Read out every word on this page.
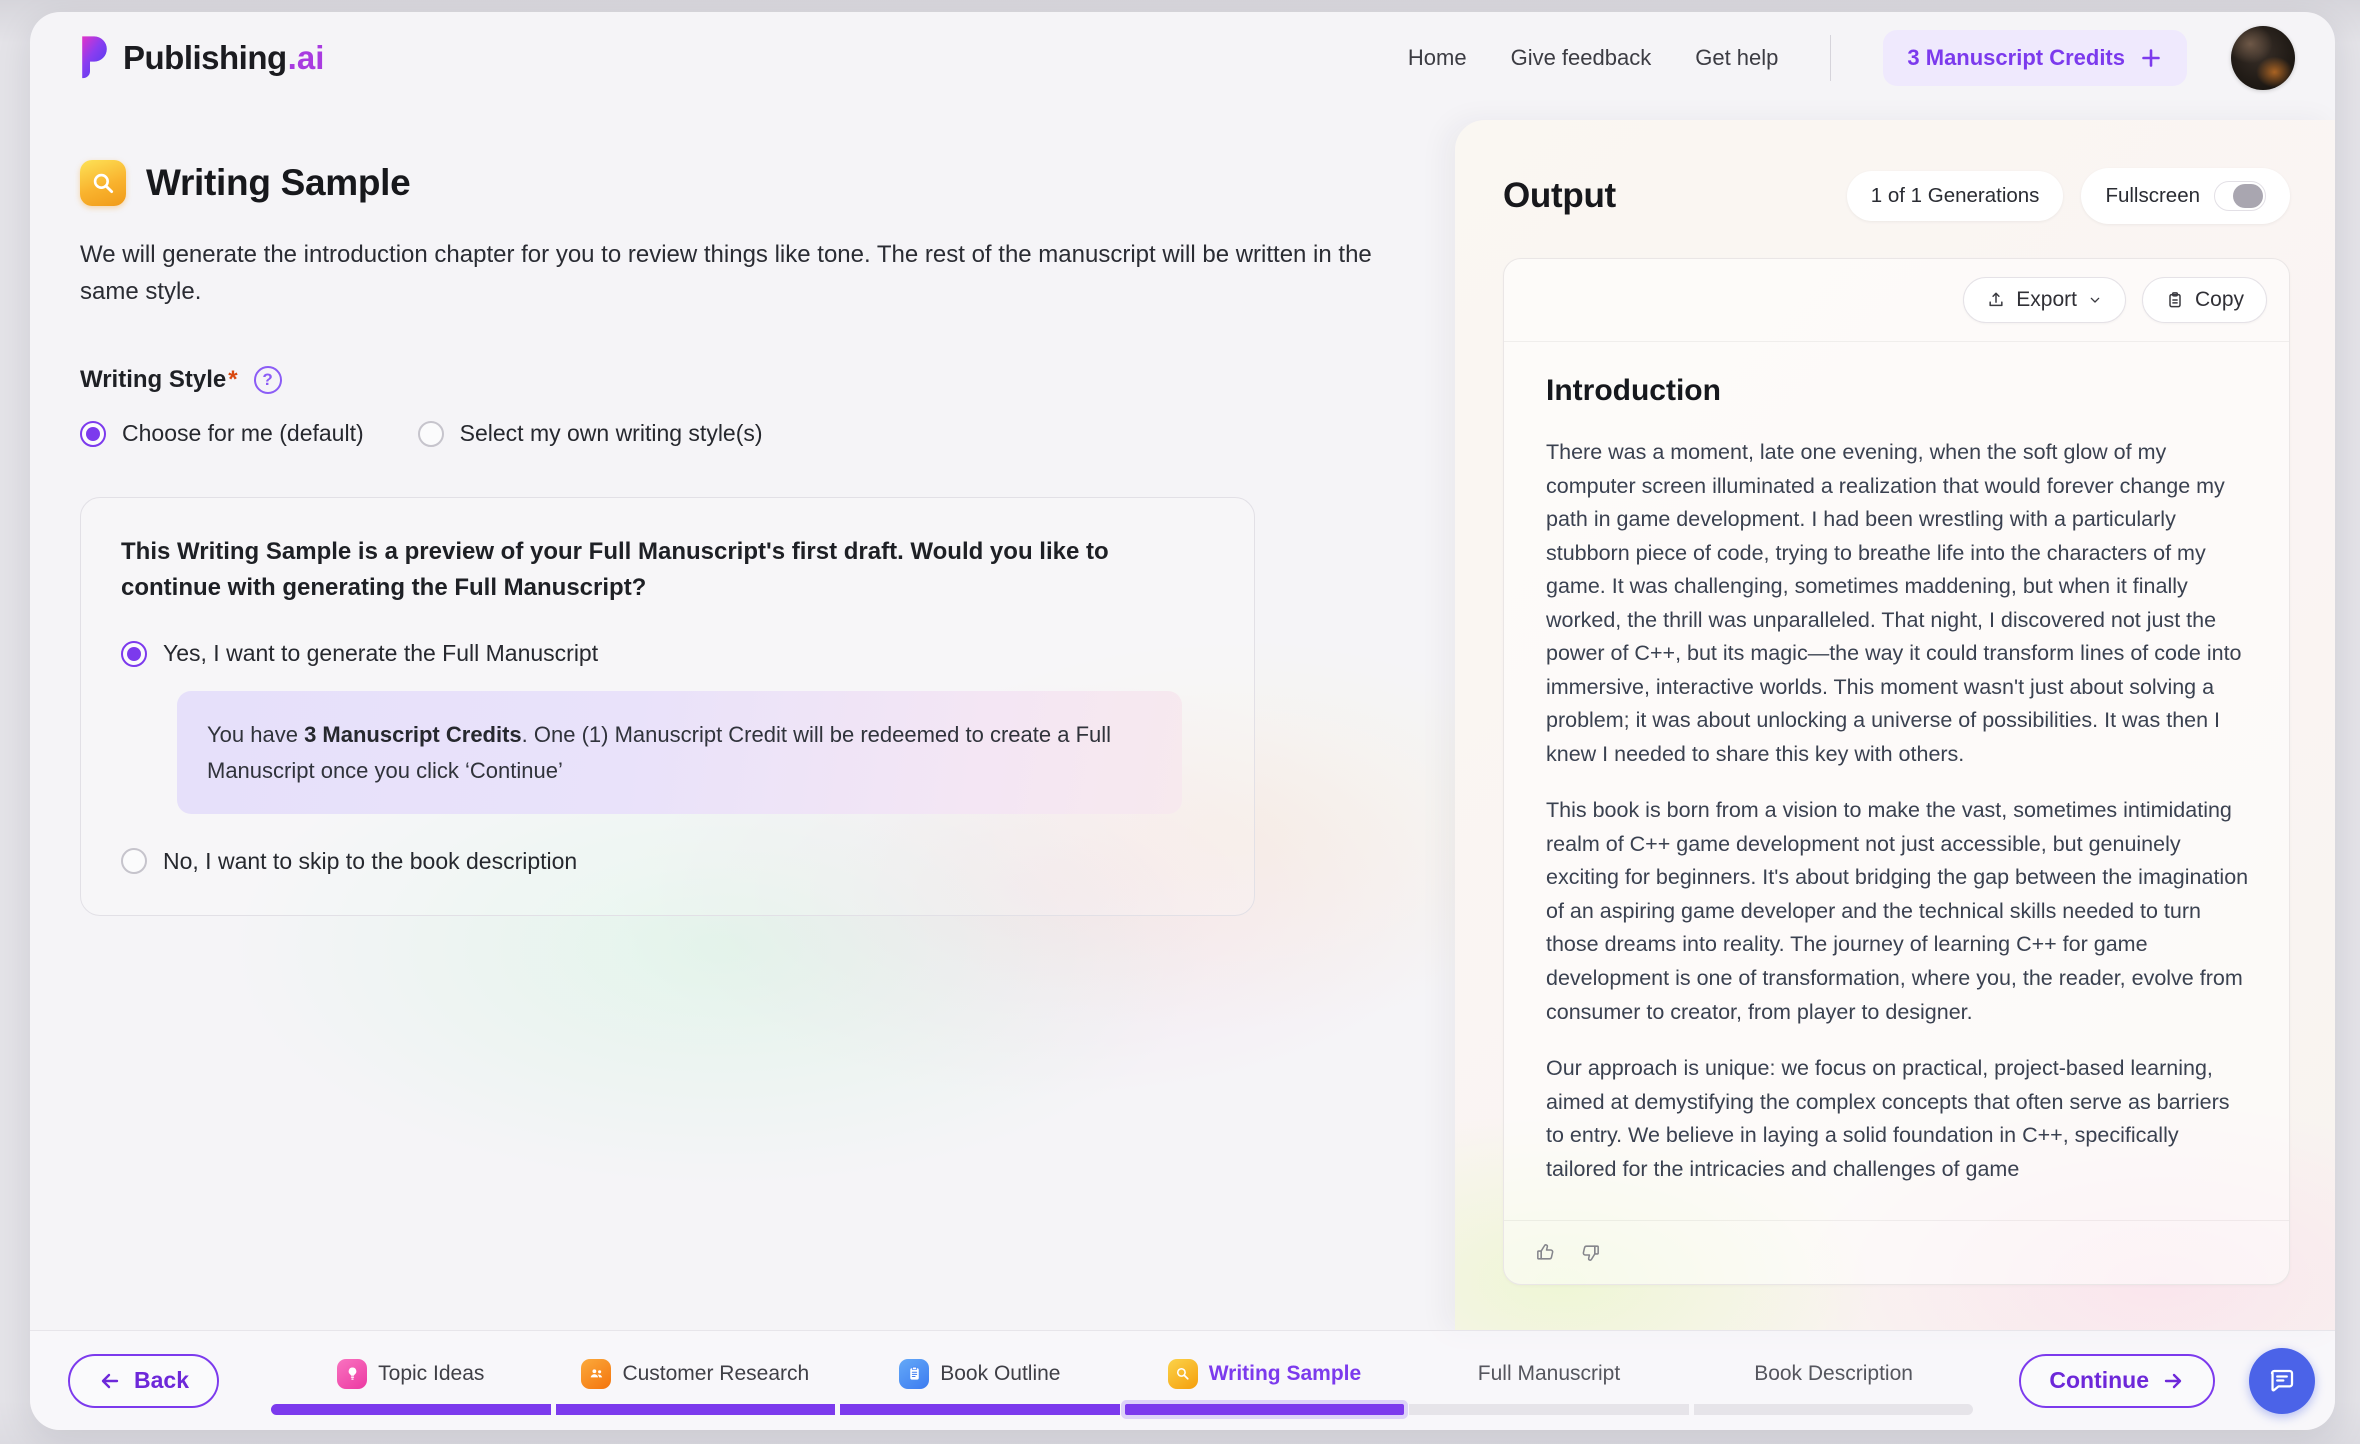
Publishing .ai	Home Give feedback Get help	3 Manuscript Credits
Writing Sample

We will generate the introduction chapter for you to review things like tone. The rest of the manuscript will be written in the same style.

Writing Style*	?
Choose for me (default)	Select my own writing style(s)
This Writing Sample is a preview of your Full Manuscript's first draft. Would you like to continue with generating the Full Manuscript?
Yes, I want to generate the Full Manuscript
You have 3 Manuscript Credits. One (1) Manuscript Credit will be redeemed to create a Full Manuscript once you click ‘Continue’
No, I want to skip to the book description
Output	1 of 1 Generations	Fullscreen
Export	Copy
Introduction

There was a moment, late one evening, when the soft glow of my computer screen illuminated a realization that would forever change my path in game development. I had been wrestling with a particularly stubborn piece of code, trying to breathe life into the characters of my game. It was challenging, sometimes maddening, but when it finally worked, the thrill was unparalleled. That night, I discovered not just the power of C++, but its magic—the way it could transform lines of code into immersive, interactive worlds. This moment wasn't just about solving a problem; it was about unlocking a universe of possibilities. It was then I knew I needed to share this key with others.

This book is born from a vision to make the vast, sometimes intimidating realm of C++ game development not just accessible, but genuinely exciting for beginners. It's about bridging the gap between the imagination of an aspiring game developer and the technical skills needed to turn those dreams into reality. The journey of learning C++ for game development is one of transformation, where you, the reader, evolve from consumer to creator, from player to designer.

Our approach is unique: we focus on practical, project-based learning, aimed at demystifying the complex concepts that often serve as barriers to entry. We believe in laying a solid foundation in C++, specifically tailored for the intricacies and challenges of game

Back	Topic Ideas	Customer Research	Book Outline	Writing Sample	Full Manuscript	Book Description	Continue
